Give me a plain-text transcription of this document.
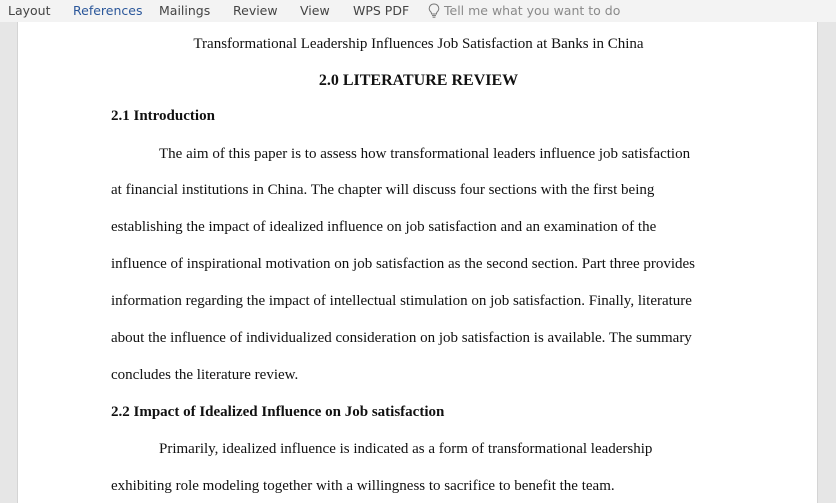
Layout References Mailings Review View WPS PDF	Tell me what you want to do
Transformational Leadership Influences Job Satisfaction at Banks in China
2.0 LITERATURE REVIEW
2.1 Introduction
The aim of this paper is to assess how transformational leaders influence job satisfaction
at financial institutions in China. The chapter will discuss four sections with the first being
establishing the impact of idealized influence on job satisfaction and an examination of the
influence of inspirational motivation on job satisfaction as the second section. Part three provides
information regarding the impact of intellectual stimulation on job satisfaction. Finally, literature
about the influence of individualized consideration on job satisfaction is available. The summary
concludes the literature review.
2.2 Impact of Idealized Influence on Job satisfaction
Primarily, idealized influence is indicated as a form of transformational leadership
exhibiting role modeling together with a willingness to sacrifice to benefit the team.
